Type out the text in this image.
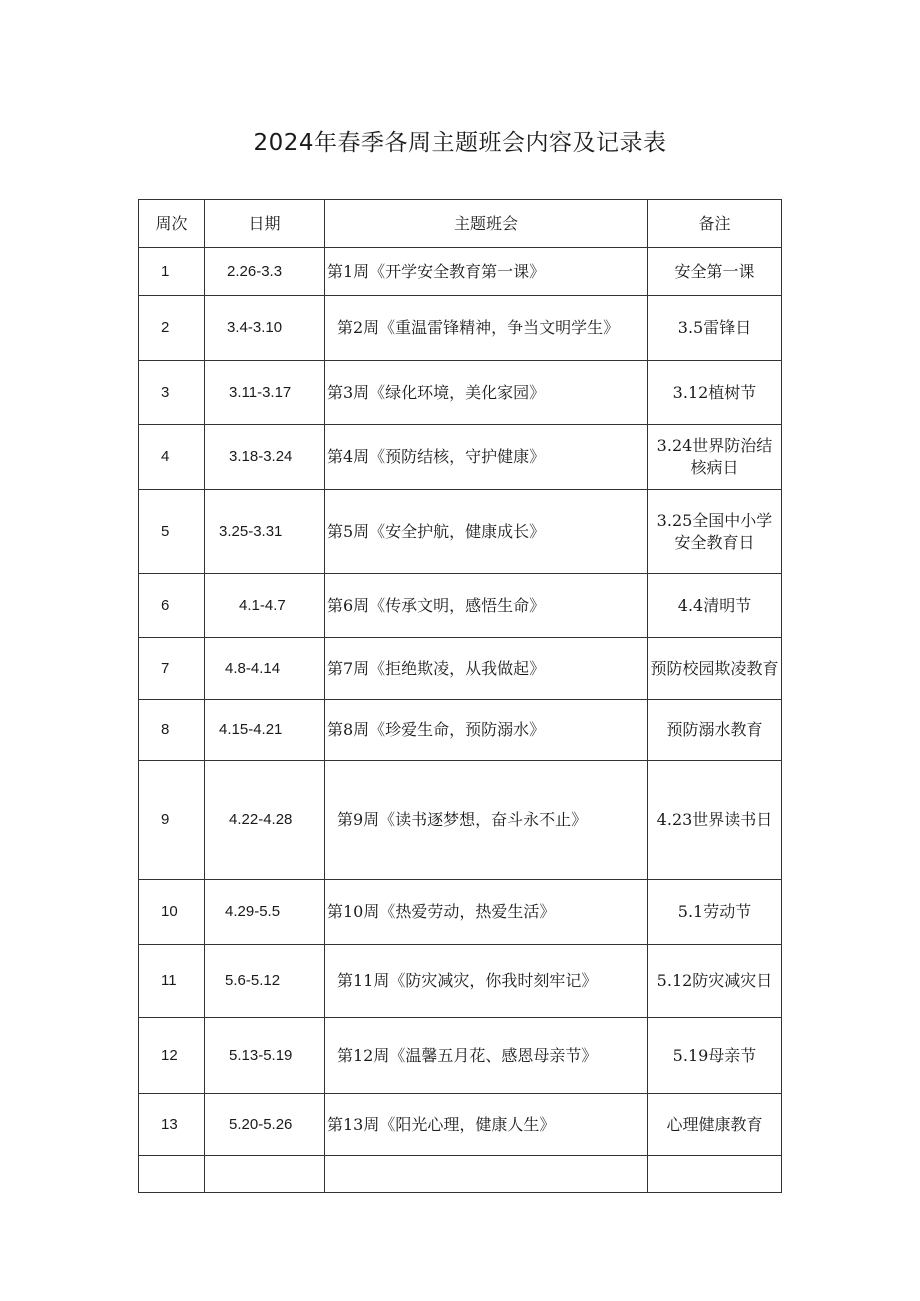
2024年春季各周主题班会内容及记录表
周次	日期	主题班会	备注
1	2.26-3.3	第1周《开学安全教育第一课》	安全第一课
2	3.4-3.10	第2周《重温雷锋精神，争当文明学生》	3.5雷锋日
3	3.11-3.17	第3周《绿化环境，美化家园》	3.12植树节
4	3.18-3.24	第4周《预防结核，守护健康》	3.24世界防治结核病日
5	3.25-3.31	第5周《安全护航，健康成长》	3.25全国中小学安全教育日
6	4.1-4.7	第6周《传承文明，感悟生命》	4.4清明节
7	4.8-4.14	第7周《拒绝欺凌，从我做起》	预防校园欺凌教育
8	4.15-4.21	第8周《珍爱生命，预防溺水》	预防溺水教育
9	4.22-4.28	第9周《读书逐梦想，奋斗永不止》	4.23世界读书日
10	4.29-5.5	第10周《热爱劳动，热爱生活》	5.1劳动节
11	5.6-5.12	第11周《防灾减灾，你我时刻牢记》	5.12防灾减灾日
12	5.13-5.19	第12周《温馨五月花、感恩母亲节》	5.19母亲节
13	5.20-5.26	第13周《阳光心理，健康人生》	心理健康教育
